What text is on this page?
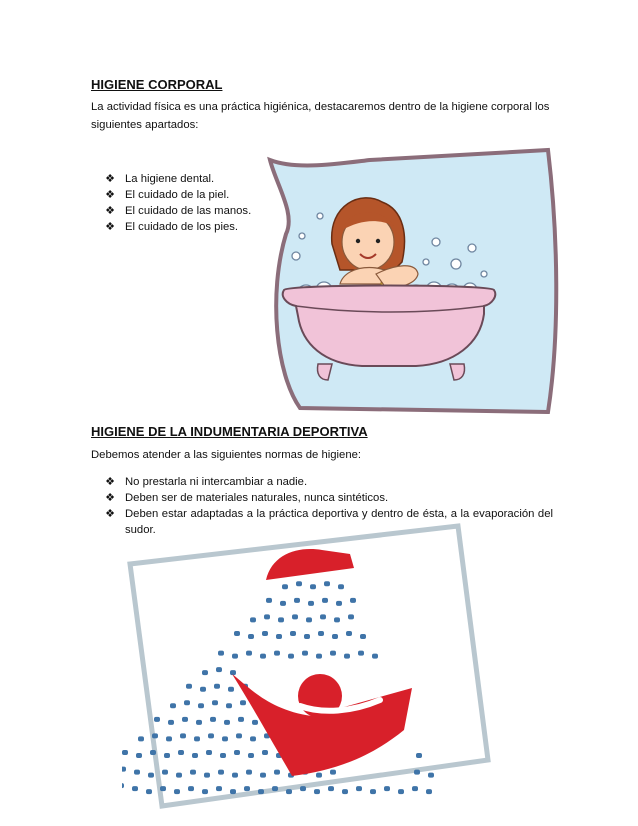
HIGIENE CORPORAL
La actividad física es una práctica higiénica, destacaremos dentro de la higiene corporal los siguientes apartados:
❖ La higiene dental.
❖ El cuidado de la piel.
❖ El cuidado de las manos.
❖ El cuidado de los pies.
HIGIENE DE LA INDUMENTARIA DEPORTIVA
Debemos atender a las siguientes normas de higiene:
❖ No prestarla ni intercambiar a nadie.
❖ Deben ser de materiales naturales, nunca sintéticos.
❖ Deben estar adaptadas a la práctica deportiva y dentro de ésta, a la evaporación del sudor.
